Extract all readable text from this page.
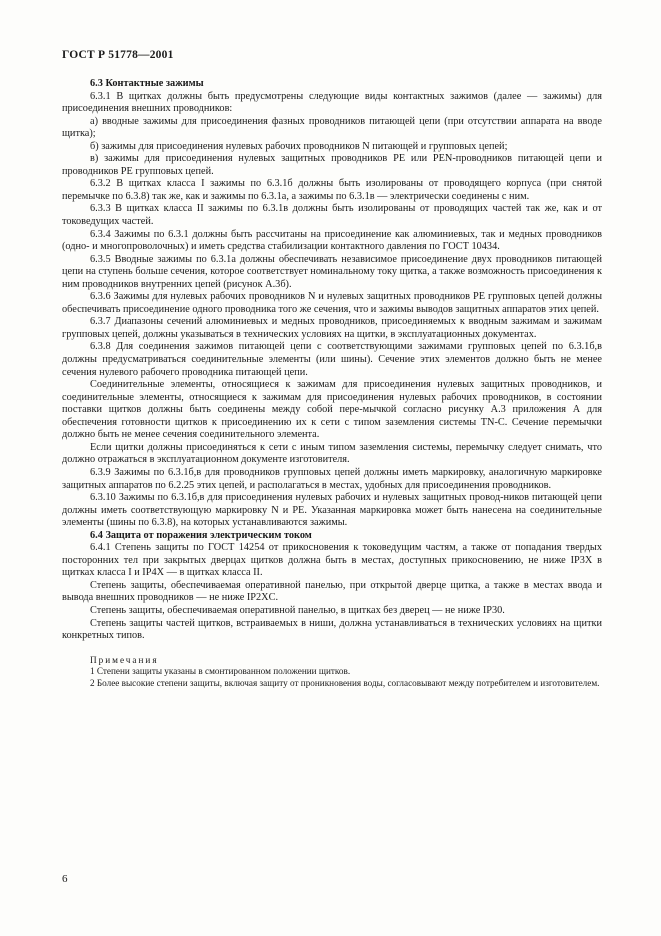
ГОСТ Р 51778—2001

6.3 Контактные зажимы

6.3.1 В щитках должны быть предусмотрены следующие виды контактных зажимов (далее — зажимы) для присоединения внешних проводников:

а) вводные зажимы для присоединения фазных проводников питающей цепи (при отсутствии аппарата на вводе щитка);

б) зажимы для присоединения нулевых рабочих проводников N питающей и групповых цепей;

в) зажимы для присоединения нулевых защитных проводников PE или PEN-проводников питающей цепи и проводников PE групповых цепей.

6.3.2 В щитках класса I зажимы по 6.3.1б должны быть изолированы от проводящего корпуса (при снятой перемычке по 6.3.8) так же, как и зажимы по 6.3.1а, а зажимы по 6.3.1в — электрически соединены с ним.

6.3.3 В щитках класса II зажимы по 6.3.1в должны быть изолированы от проводящих частей так же, как и от токоведущих частей.

6.3.4 Зажимы по 6.3.1 должны быть рассчитаны на присоединение как алюминиевых, так и медных проводников (одно- и многопроволочных) и иметь средства стабилизации контактного давления по ГОСТ 10434.

6.3.5 Вводные зажимы по 6.3.1а должны обеспечивать независимое присоединение двух проводников питающей цепи на ступень больше сечения, которое соответствует номинальному току щитка, а также возможность присоединения к ним проводников внутренних цепей (рисунок А.3б).

6.3.6 Зажимы для нулевых рабочих проводников N и нулевых защитных проводников PE групповых цепей должны обеспечивать присоединение одного проводника того же сечения, что и зажимы выводов защитных аппаратов этих цепей.

6.3.7 Диапазоны сечений алюминиевых и медных проводников, присоединяемых к вводным зажимам и зажимам групповых цепей, должны указываться в технических условиях на щитки, в эксплуатационных документах.

6.3.8 Для соединения зажимов питающей цепи с соответствующими зажимами групповых цепей по 6.3.1б,в должны предусматриваться соединительные элементы (или шины). Сечение этих элементов должно быть не менее сечения нулевого рабочего проводника питающей цепи.

Соединительные элементы, относящиеся к зажимам для присоединения нулевых защитных проводников, и соединительные элементы, относящиеся к зажимам для присоединения нулевых рабочих проводников, в состоянии поставки щитков должны быть соединены между собой пере-мычкой согласно рисунку А.3 приложения А для обеспечения готовности щитков к присоединению их к сети с типом заземления системы TN-C. Сечение перемычки должно быть не менее сечения соединительного элемента.

Если щитки должны присоединяться к сети с иным типом заземления системы, перемычку следует снимать, что должно отражаться в эксплуатационном документе изготовителя.

6.3.9 Зажимы по 6.3.1б,в для проводников групповых цепей должны иметь маркировку, аналогичную маркировке защитных аппаратов по 6.2.25 этих цепей, и располагаться в местах, удобных для присоединения проводников.

6.3.10 Зажимы по 6.3.1б,в для присоединения нулевых рабочих и нулевых защитных провод-ников питающей цепи должны иметь соответствующую маркировку N и PE. Указанная маркировка может быть нанесена на соединительные элементы (шины по 6.3.8), на которых устанавливаются зажимы.

6.4 Защита от поражения электрическим током

6.4.1 Степень защиты по ГОСТ 14254 от прикосновения к токоведущим частям, а также от попадания твердых посторонних тел при закрытых дверцах щитков должна быть в местах, доступных прикосновению, не ниже IP3X в щитках класса I и IP4X — в щитках класса II.

Степень защиты, обеспечиваемая оперативной панелью, при открытой дверце щитка, а также в местах ввода и вывода внешних проводников — не ниже IP2XC.

Степень защиты, обеспечиваемая оперативной панелью, в щитках без дверец — не ниже IP30.

Степень защиты частей щитков, встраиваемых в ниши, должна устанавливаться в технических условиях на щитки конкретных типов.

Примечания

1 Степени защиты указаны в смонтированном положении щитков.

2 Более высокие степени защиты, включая защиту от проникновения воды, согласовывают между потребителем и изготовителем.

6
